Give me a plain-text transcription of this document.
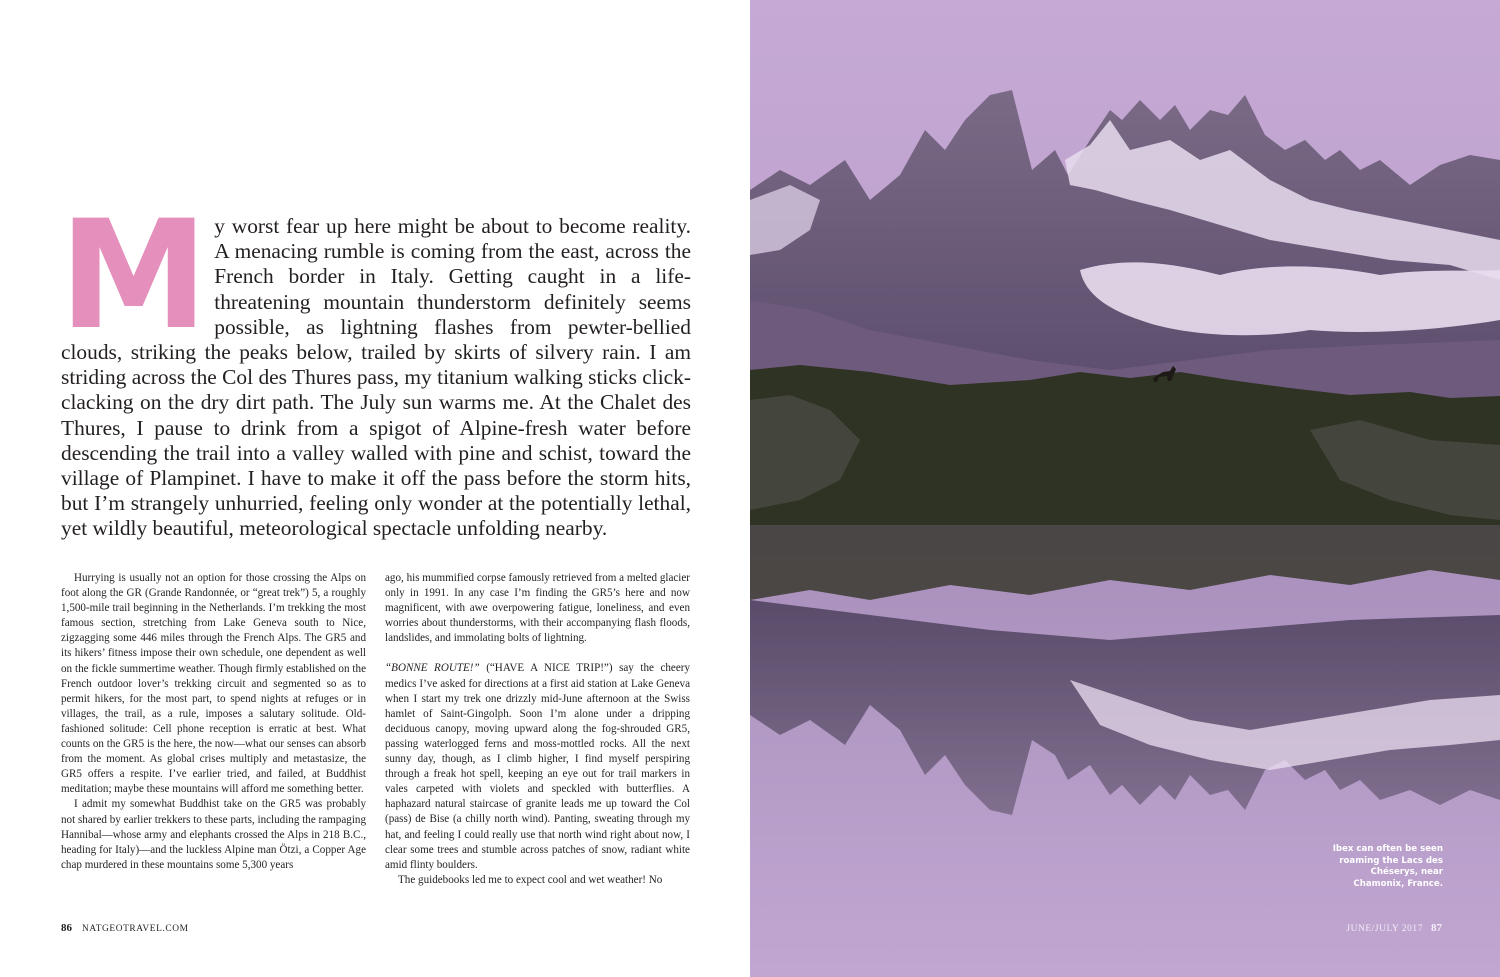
M y worst fear up here might be about to become reality. A menacing rumble is coming from the east, across the French border in Italy. Getting caught in a life-threatening mountain thunderstorm definitely seems possible, as lightning flashes from pewter-bellied clouds, striking the peaks below, trailed by skirts of silvery rain. I am striding across the Col des Thures pass, my titanium walking sticks click-clacking on the dry dirt path. The July sun warms me. At the Chalet des Thures, I pause to drink from a spigot of Alpine-fresh water before descending the trail into a valley walled with pine and schist, toward the village of Plampinet. I have to make it off the pass before the storm hits, but I’m strangely unhurried, feeling only wonder at the potentially lethal, yet wildly beautiful, meteorological spectacle unfolding nearby.

Hurrying is usually not an option for those crossing the Alps on foot along the GR (Grande Randonnée, or “great trek”) 5, a roughly 1,500-mile trail beginning in the Netherlands. I’m trekking the most famous section, stretching from Lake Geneva south to Nice, zigzagging some 446 miles through the French Alps. The GR5 and its hikers’ fitness impose their own schedule, one dependent as well on the fickle summertime weather. Though firmly established on the French outdoor lover’s trekking circuit and segmented so as to permit hikers, for the most part, to spend nights at refuges or in villages, the trail, as a rule, imposes a salutary solitude. Old-fashioned solitude: Cell phone reception is erratic at best. What counts on the GR5 is the here, the now—what our senses can absorb from the moment. As global crises multiply and metastasize, the GR5 offers a respite. I’ve earlier tried, and failed, at Buddhist meditation; maybe these mountains will afford me something better.

I admit my somewhat Buddhist take on the GR5 was probably not shared by earlier trekkers to these parts, including the rampaging Hannibal—whose army and elephants crossed the Alps in 218 B.C., heading for Italy)—and the luckless Alpine man Ötzi, a Copper Age chap murdered in these mountains some 5,300 years

ago, his mummified corpse famously retrieved from a melted glacier only in 1991. In any case I’m finding the GR5’s here and now magnificent, with awe overpowering fatigue, loneliness, and even worries about thunderstorms, with their accompanying flash floods, landslides, and immolating bolts of lightning.

“BONNE ROUTE!” (“HAVE A NICE TRIP!”) say the cheery medics I’ve asked for directions at a first aid station at Lake Geneva when I start my trek one drizzly mid-June afternoon at the Swiss hamlet of Saint-Gingolph. Soon I’m alone under a dripping deciduous canopy, moving upward along the fog-shrouded GR5, passing waterlogged ferns and moss-mottled rocks. All the next sunny day, though, as I climb higher, I find myself perspiring through a freak hot spell, keeping an eye out for trail markers in vales carpeted with violets and speckled with butterflies. A haphazard natural staircase of granite leads me up toward the Col (pass) de Bise (a chilly north wind). Panting, sweating through my hat, and feeling I could really use that north wind right about now, I clear some trees and stumble across patches of snow, radiant white amid flinty boulders.

The guidebooks led me to expect cool and wet weather! No

86 NATGEOTRAVEL.COM
Ibex can often be seen roaming the Lacs des Chéserys, near Chamonix, France.
JUNE/JULY 2017 87
